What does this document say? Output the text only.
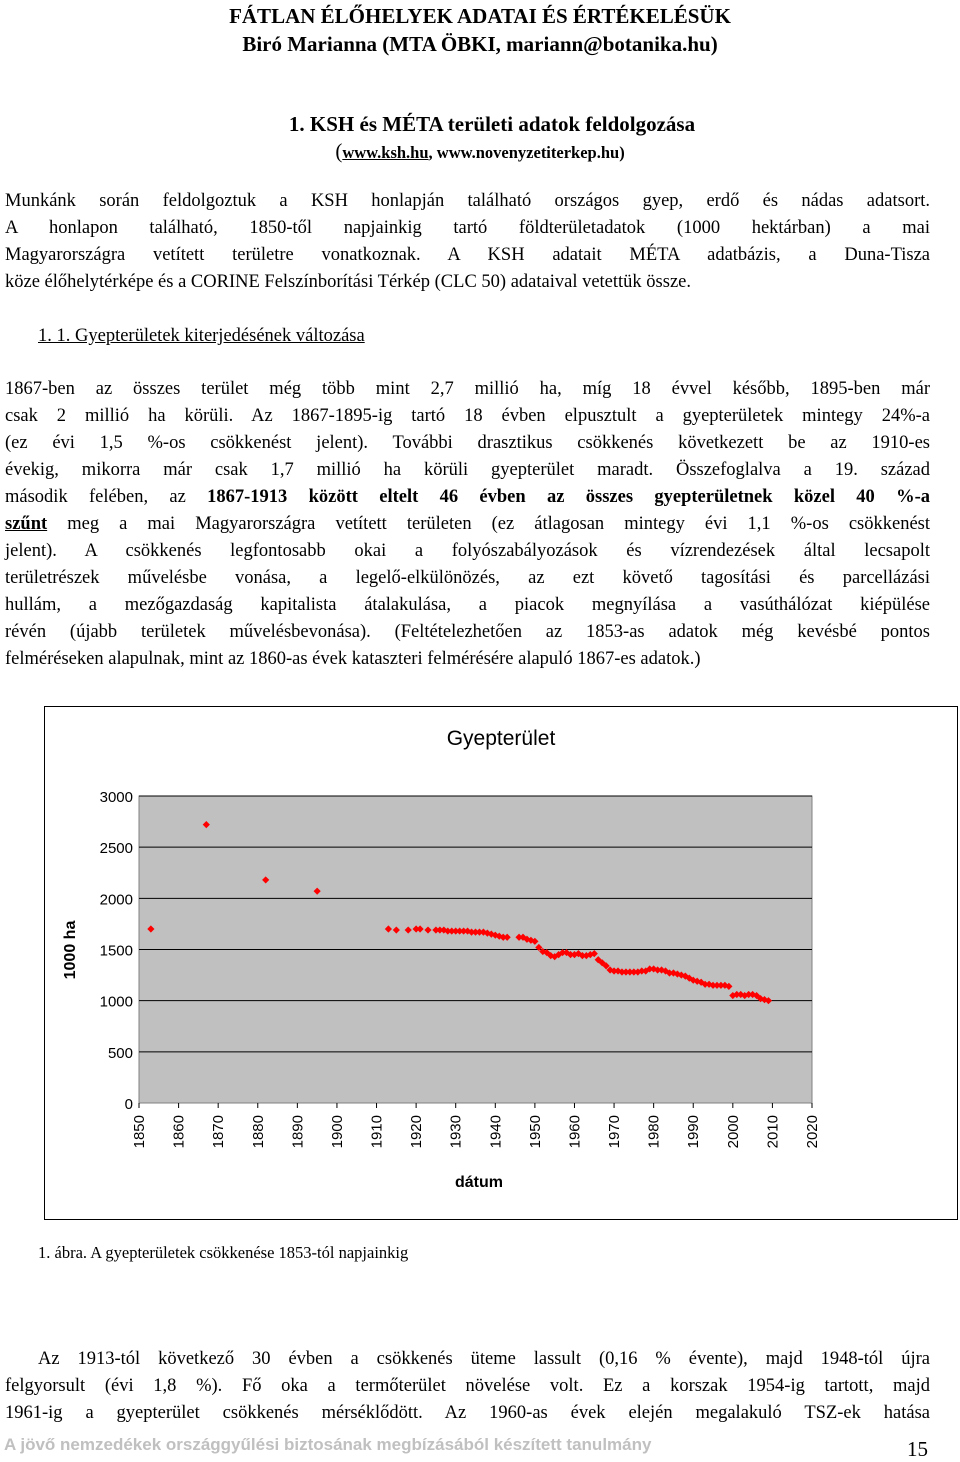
FÁTLAN ÉLŐHELYEK ADATAI ÉS ÉRTÉKELÉSÜK
Biró Marianna (MTA ÖBKI, mariann@botanika.hu)
1. KSH és MÉTA területi adatok feldolgozása
(www.ksh.hu, www.novenyzetiterkep.hu)
Munkánk során feldolgoztuk a KSH honlapján található országos gyep, erdő és nádas adatsort.
A honlapon található, 1850-től napjainkig tartó földterületadatok (1000 hektárban) a mai
Magyarországra vetített területre vonatkoznak. A KSH adatait MÉTA adatbázis, a Duna-Tisza
köze élőhelytérképe és a CORINE Felszínborítási Térkép (CLC 50) adataival vetettük össze.
1. 1. Gyepterületek kiterjedésének változása
1867-ben az összes terület még több mint 2,7 millió ha, míg 18 évvel később, 1895-ben már
csak 2 millió ha körüli. Az 1867-1895-ig tartó 18 évben elpusztult a gyepterületek mintegy 24%-a
(ez évi 1,5 %-os csökkenést jelent). További drasztikus csökkenés következett be az 1910-es
évekig, mikorra már csak 1,7 millió ha körüli gyepterület maradt. Összefoglalva a 19. század
második felében, az 1867-1913 között eltelt 46 évben az összes gyepterületnek közel 40 %-a
szűnt meg a mai Magyarországra vetített területen (ez átlagosan mintegy évi 1,1 %-os csökkenést
jelent). A csökkenés legfontosabb okai a folyószabályozások és vízrendezések által lecsapolt
területrészek művelésbe vonása, a legelő-elkülönözés, az ezt követő tagosítási és parcellázási
hullám, a mezőgazdaság kapitalista átalakulása, a piacok megnyílása a vasúthálózat kiépülése
révén (újabb területek művelésbevonása). (Feltételezhetően az 1853-as adatok még kevésbé pontos
felméréseken alapulnak, mint az 1860-as évek kataszteri felmérésére alapuló 1867-es adatok.)
Gyepterület
0
500
1000
1500
2000
2500
3000
1850 1860 1870 1880 1890 1900 1910 1920 1930 1940 1950 1960 1970 1980 1990 2000 2010 2020
1000 ha
dátum
1. ábra. A gyepterületek csökkenése 1853-tól napjainkig
Az 1913-tól következő 30 évben a csökkenés üteme lassult (0,16 % évente), majd 1948-tól újra
felgyorsult (évi 1,8 %). Fő oka a termőterület növelése volt. Ez a korszak 1954-ig tartott, majd
1961-ig a gyepterület csökkenés mérséklődött. Az 1960-as évek elején megalakuló TSZ-ek hatása
A jövő nemzedékek országgyűlési biztosának megbízásából készített tanulmány	15
